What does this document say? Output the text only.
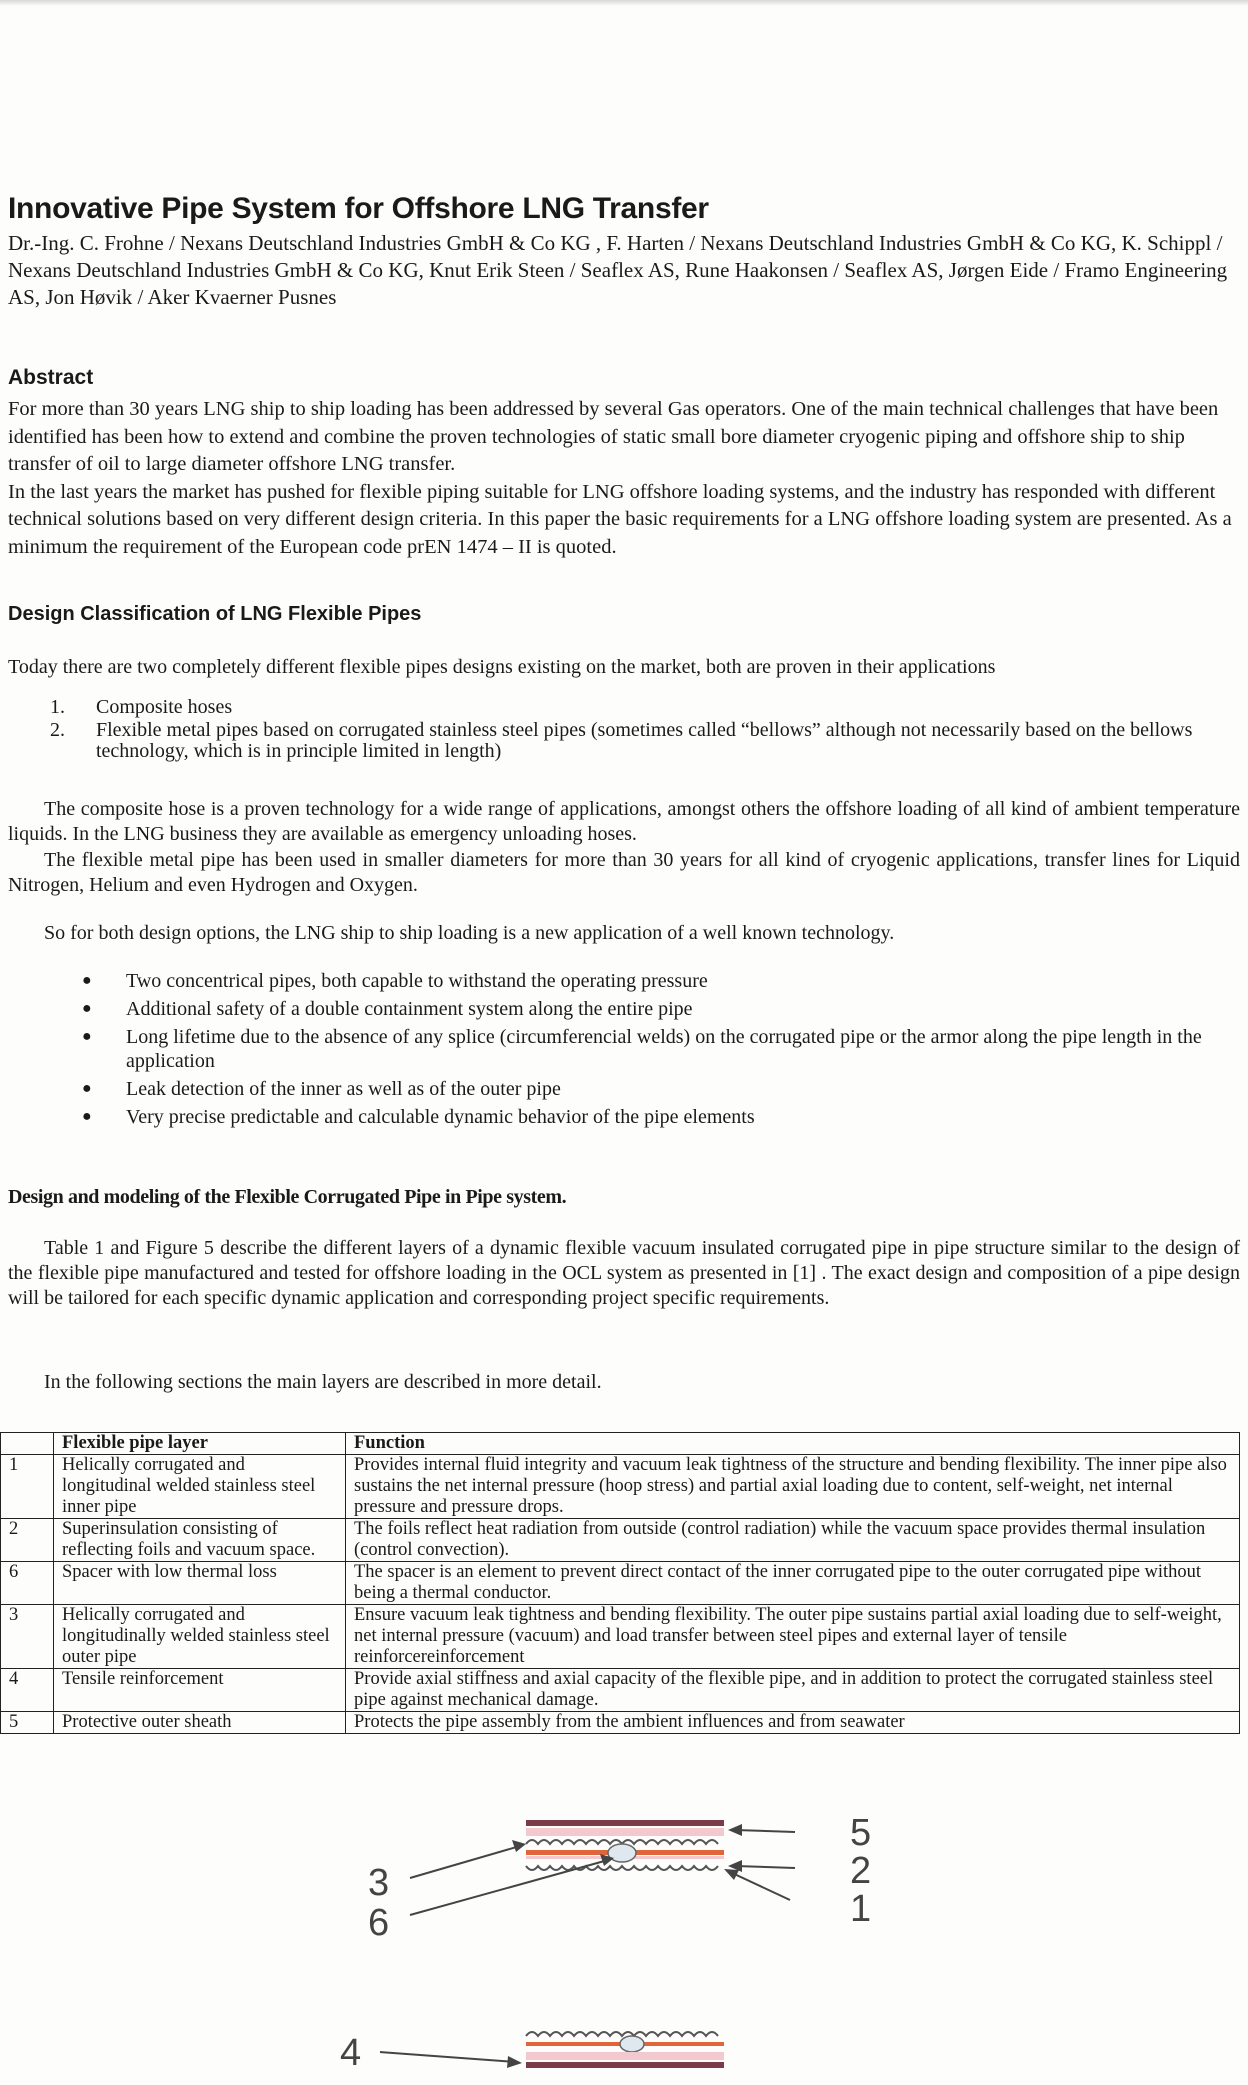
Innovative Pipe System for Offshore LNG Transfer
Dr.-Ing. C. Frohne / Nexans Deutschland Industries GmbH & Co KG , F. Harten / Nexans Deutschland Industries GmbH & Co KG, K. Schippl / Nexans Deutschland Industries GmbH & Co KG, Knut Erik Steen / Seaflex AS, Rune Haakonsen / Seaflex AS, Jørgen Eide / Framo Engineering AS, Jon Høvik / Aker Kvaerner Pusnes
Abstract

For more than 30 years LNG ship to ship loading has been addressed by several Gas operators. One of the main technical challenges that have been identified has been how to extend and combine the proven technologies of static small bore diameter cryogenic piping and offshore ship to ship transfer of oil to large diameter offshore LNG transfer.

In the last years the market has pushed for flexible piping suitable for LNG offshore loading systems, and the industry has responded with different technical solutions based on very different design criteria. In this paper the basic requirements for a LNG offshore loading system are presented. As a minimum the requirement of the European code prEN 1474 – II is quoted.

Design Classification of LNG Flexible Pipes
Today there are two completely different flexible pipes designs existing on the market, both are proven in their applications
1. Composite hoses
2. Flexible metal pipes based on corrugated stainless steel pipes (sometimes called “bellows” although not necessarily based on the bellows technology, which is in principle limited in length)
The composite hose is a proven technology for a wide range of applications, amongst others the offshore loading of all kind of ambient temperature liquids. In the LNG business they are available as emergency unloading hoses.
The flexible metal pipe has been used in smaller diameters for more than 30 years for all kind of cryogenic applications, transfer lines for Liquid Nitrogen, Helium and even Hydrogen and Oxygen.
So for both design options, the LNG ship to ship loading is a new application of a well known technology.
● Two concentrical pipes, both capable to withstand the operating pressure
● Additional safety of a double containment system along the entire pipe
● Long lifetime due to the absence of any splice (circumferencial welds) on the corrugated pipe or the armor along the pipe length in the application
● Leak detection of the inner as well as of the outer pipe
● Very precise predictable and calculable dynamic behavior of the pipe elements
Design and modeling of the Flexible Corrugated Pipe in Pipe system.
Table 1 and Figure 5 describe the different layers of a dynamic flexible vacuum insulated corrugated pipe in pipe structure similar to the design of the flexible pipe manufactured and tested for offshore loading in the OCL system as presented in [1] . The exact design and composition of a pipe design will be tailored for each specific dynamic application and corresponding project specific requirements.
In the following sections the main layers are described in more detail.
	Flexible pipe layer	Function
1	Helically corrugated and longitudinal welded stainless steel inner pipe	Provides internal fluid integrity and vacuum leak tightness of the structure and bending flexibility. The inner pipe also sustains the net internal pressure (hoop stress) and partial axial loading due to content, self-weight, net internal pressure and pressure drops.
2	Superinsulation consisting of reflecting foils and vacuum space.	The foils reflect heat radiation from outside (control radiation) while the vacuum space provides thermal insulation (control convection).
6	Spacer with low thermal loss	The spacer is an element to prevent direct contact of the inner corrugated pipe to the outer corrugated pipe without being a thermal conductor.
3	Helically corrugated and longitudinally welded stainless steel outer pipe	Ensure vacuum leak tightness and bending flexibility. The outer pipe sustains partial axial loading due to self-weight, net internal pressure (vacuum) and load transfer between steel pipes and external layer of tensile reinforcereinforcement
4	Tensile reinforcement	Provide axial stiffness and axial capacity of the flexible pipe, and in addition to protect the corrugated stainless steel pipe against mechanical damage.
5	Protective outer sheath	Protects the pipe assembly from the ambient influences and from seawater
5
3	2
6	1
4
